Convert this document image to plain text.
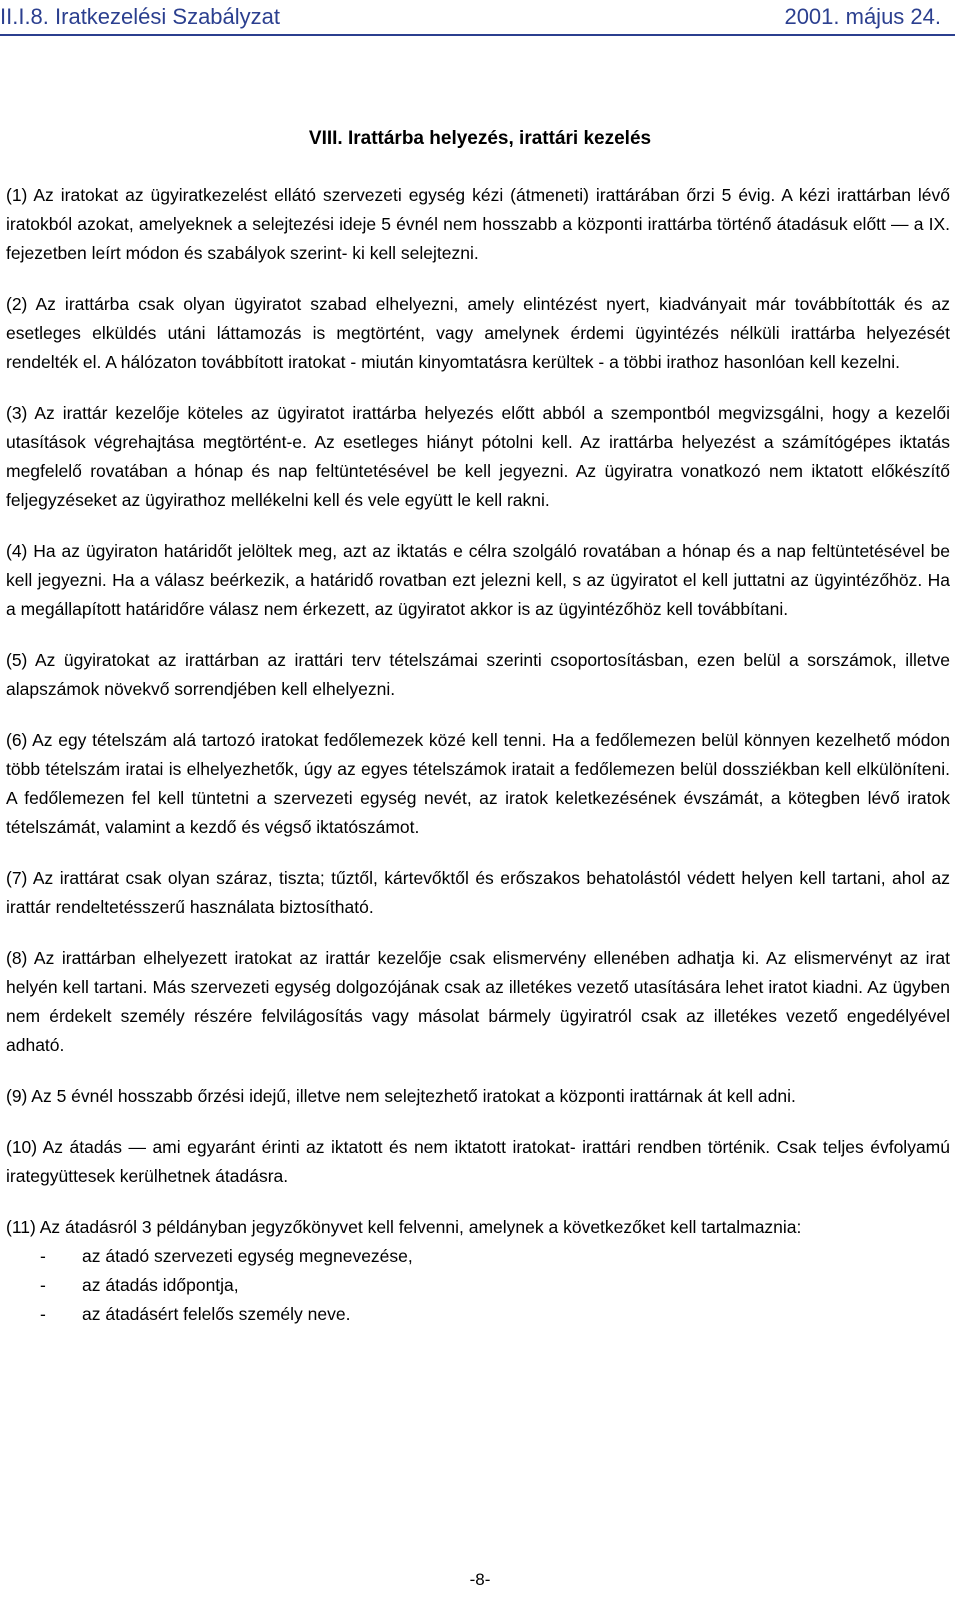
II.I.8. Iratkezelési Szabályzat	2001. május 24.
VIII. Irattárba helyezés, irattári kezelés

(1) Az iratokat az ügyiratkezelést ellátó szervezeti egység kézi (átmeneti) irattárában őrzi 5 évig. A kézi irattárban lévő iratokból azokat, amelyeknek a selejtezési ideje 5 évnél nem hosszabb a központi irattárba történő átadásuk előtt — a IX. fejezetben leírt módon és szabályok szerint- ki kell selejtezni.

(2) Az irattárba csak olyan ügyiratot szabad elhelyezni, amely elintézést nyert, kiadványait már továbbították és az esetleges elküldés utáni láttamozás is megtörtént, vagy amelynek érdemi ügyintézés nélküli irattárba helyezését rendelték el. A hálózaton továbbított iratokat - miután kinyomtatásra kerültek - a többi irathoz hasonlóan kell kezelni.

(3) Az irattár kezelője köteles az ügyiratot irattárba helyezés előtt abból a szempontból megvizsgálni, hogy a kezelői utasítások végrehajtása megtörtént-e. Az esetleges hiányt pótolni kell. Az irattárba helyezést a számítógépes iktatás megfelelő rovatában a hónap és nap feltüntetésével be kell jegyezni. Az ügyiratra vonatkozó nem iktatott előkészítő feljegyzéseket az ügyirathoz mellékelni kell és vele együtt le kell rakni.

(4) Ha az ügyiraton határidőt jelöltek meg, azt az iktatás e célra szolgáló rovatában a hónap és a nap feltüntetésével be kell jegyezni. Ha a válasz beérkezik, a határidő rovatban ezt jelezni kell, s az ügyiratot el kell juttatni az ügyintézőhöz. Ha a megállapított határidőre válasz nem érkezett, az ügyiratot akkor is az ügyintézőhöz kell továbbítani.

(5) Az ügyiratokat az irattárban az irattári terv tételszámai szerinti csoportosításban, ezen belül a sorszámok, illetve alapszámok növekvő sorrendjében kell elhelyezni.

(6) Az egy tételszám alá tartozó iratokat fedőlemezek közé kell tenni. Ha a fedőlemezen belül könnyen kezelhető módon több tételszám iratai is elhelyezhetők, úgy az egyes tételszámok iratait a fedőlemezen belül dossziékban kell elkülöníteni. A fedőlemezen fel kell tüntetni a szervezeti egység nevét, az iratok keletkezésének évszámát, a kötegben lévő iratok tételszámát, valamint a kezdő és végső iktatószámot.

(7) Az irattárat csak olyan száraz, tiszta; tűztől, kártevőktől és erőszakos behatolástól védett helyen kell tartani, ahol az irattár rendeltetésszerű használata biztosítható.

(8) Az irattárban elhelyezett iratokat az irattár kezelője csak elismervény ellenében adhatja ki. Az elismervényt az irat helyén kell tartani. Más szervezeti egység dolgozójának csak az illetékes vezető utasítására lehet iratot kiadni. Az ügyben nem érdekelt személy részére felvilágosítás vagy másolat bármely ügyiratról csak az illetékes vezető engedélyével adható.

(9) Az 5 évnél hosszabb őrzési idejű, illetve nem selejtezhető iratokat a központi irattárnak át kell adni.

(10) Az átadás — ami egyaránt érinti az iktatott és nem iktatott iratokat- irattári rendben történik. Csak teljes évfolyamú irategyüttesek kerülhetnek átadásra.

(11) Az átadásról 3 példányban jegyzőkönyvet kell felvenni, amelynek a következőket kell tartalmaznia:

-	az átadó szervezeti egység megnevezése,
-	az átadás időpontja,
-	az átadásért felelős személy neve.
-8-
